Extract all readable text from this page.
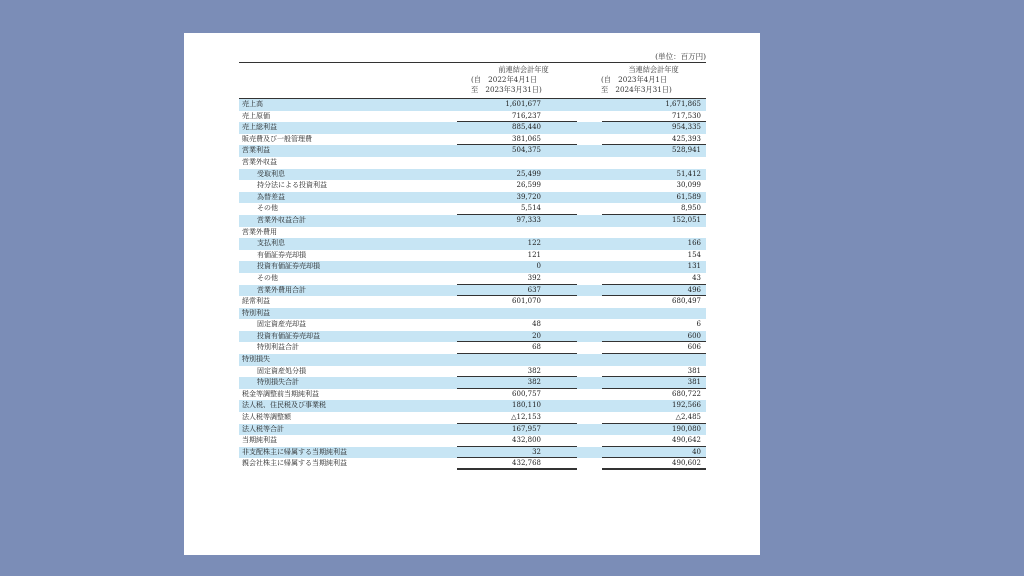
(単位：百万円)
前連結会計年度
(自　2022年4月1日
至　2023年3月31日)
当連結会計年度
(自　2023年4月1日
至　2024年3月31日)
売上高	1,601,677	1,671,865
売上原価	716,237	717,530
売上総利益	885,440	954,335
販売費及び一般管理費	381,065	425,393
営業利益	504,375	528,941
営業外収益
受取利息	25,499	51,412
持分法による投資利益	26,599	30,099
為替差益	39,720	61,589
その他	5,514	8,950
営業外収益合計	97,333	152,051
営業外費用
支払利息	122	166
有価証券売却損	121	154
投資有価証券売却損	0	131
その他	392	43
営業外費用合計	637	496
経常利益	601,070	680,497
特別利益
固定資産売却益	48	6
投資有価証券売却益	20	600
特別利益合計	68	606
特別損失
固定資産処分損	382	381
特別損失合計	382	381
税金等調整前当期純利益	600,757	680,722
法人税、住民税及び事業税	180,110	192,566
法人税等調整額	△12,153	△2,485
法人税等合計	167,957	190,080
当期純利益	432,800	490,642
非支配株主に帰属する当期純利益	32	40
親会社株主に帰属する当期純利益	432,768	490,602
